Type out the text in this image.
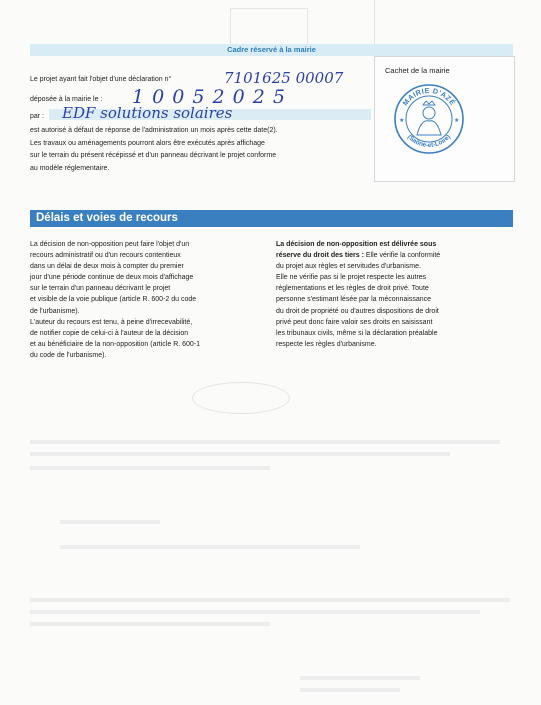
Cadre réservé à la mairie
Cachet de la mairie
MAIRIE D'AZÉ
(Saône-et-Loire)
★	★
Le projet ayant fait l'objet d'une déclaration n°	7101625 00007
déposée à la mairie le : 1 0 0 5 2 0 2 5
par : EDF solutions solaires
est autorisé à défaut de réponse de l'administration un mois après cette date(2).
Les travaux ou aménagements pourront alors être exécutés après affichage
sur le terrain du présent récépissé et d'un panneau décrivant le projet conforme
au modèle réglementaire.
Délais et voies de recours

La décision de non-opposition peut faire l'objet d'un

recours administratif ou d'un recours contentieux

dans un délai de deux mois à compter du premier

jour d'une période continue de deux mois d'affichage

sur le terrain d'un panneau décrivant le projet

et visible de la voie publique (article R. 600-2 du code

de l'urbanisme).

L'auteur du recours est tenu, à peine d'irrecevabilité,

de notifier copie de celui-ci à l'auteur de la décision

et au bénéficiaire de la non-opposition (article R. 600-1

du code de l'urbanisme).

La décision de non-opposition est délivrée sous

réserve du droit des tiers : Elle vérifie la conformité

du projet aux règles et servitudes d'urbanisme.

Elle ne vérifie pas si le projet respecte les autres

réglementations et les règles de droit privé. Toute

personne s'estimant lésée par la méconnaissance

du droit de propriété ou d'autres dispositions de droit

privé peut donc faire valoir ses droits en saisissant

les tribunaux civils, même si la déclaration préalable

respecte les règles d'urbanisme.
